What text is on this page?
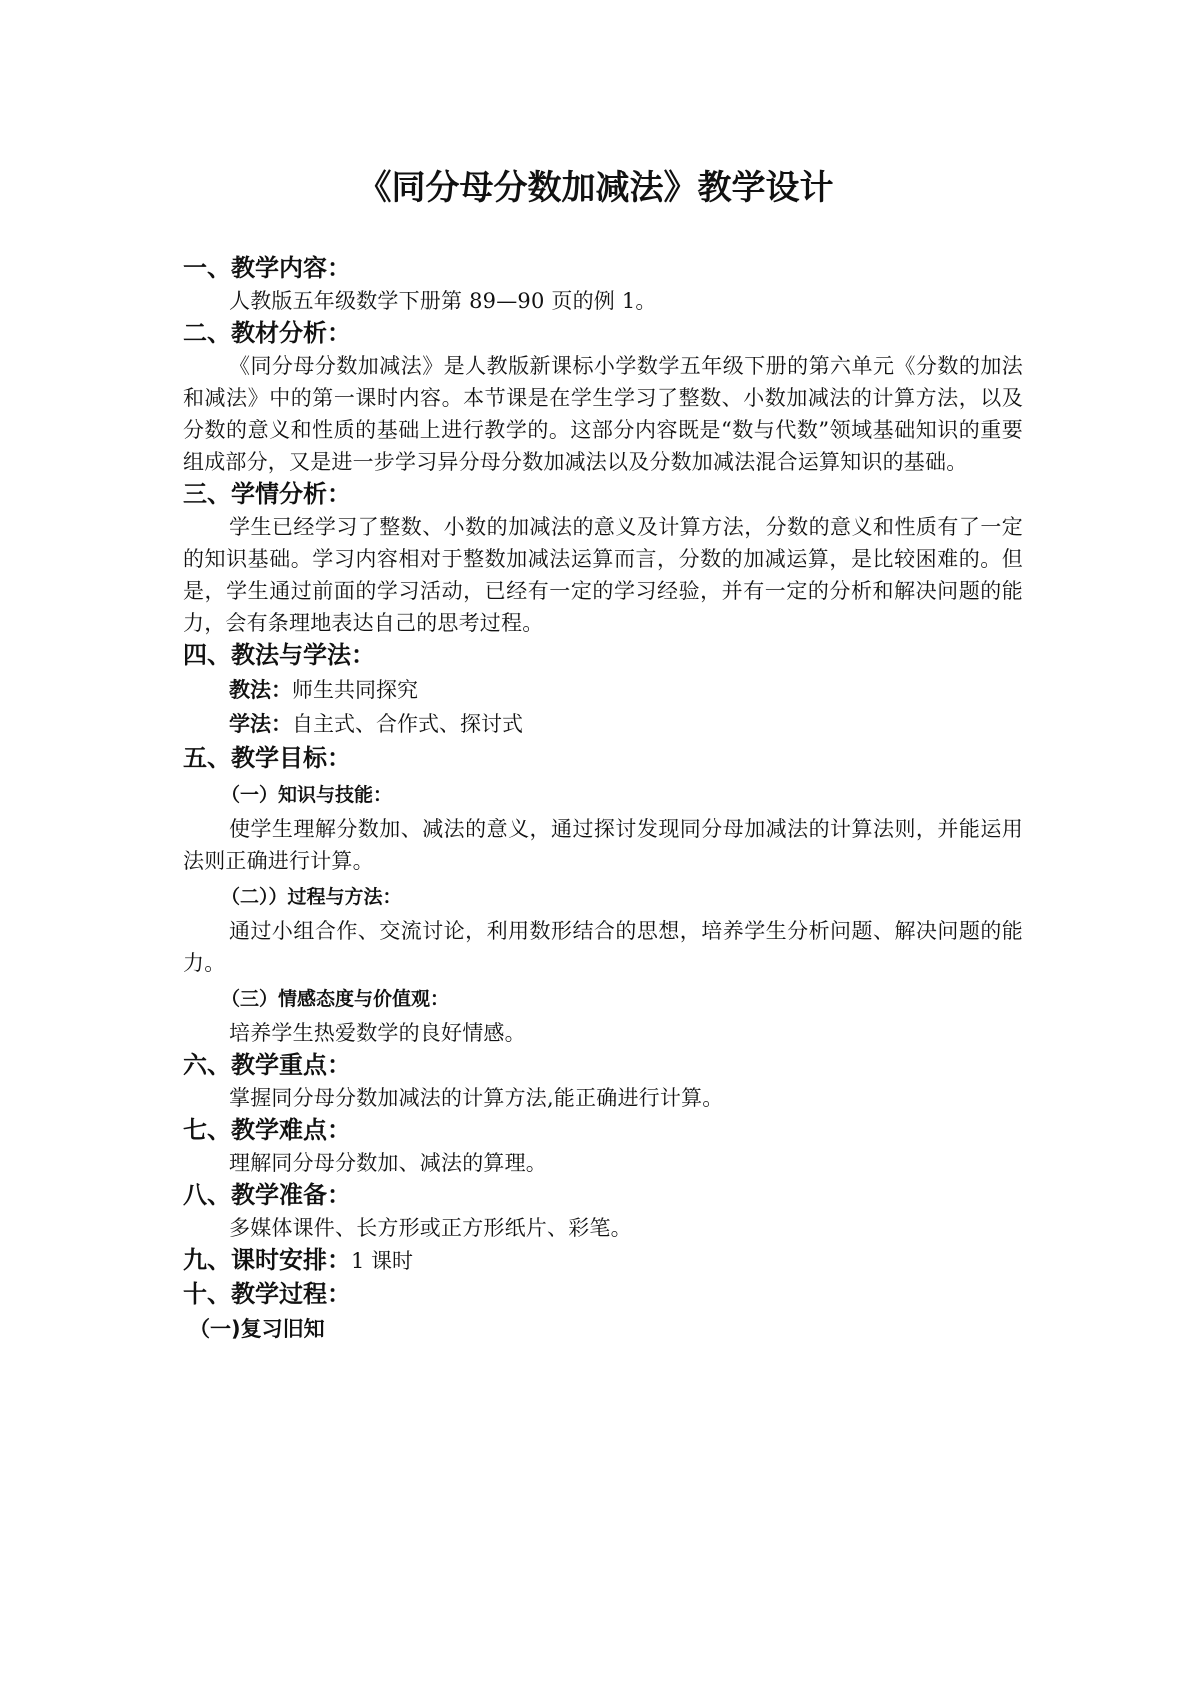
《同分母分数加减法》教学设计
一、教学内容：
人教版五年级数学下册第 89—90 页的例 1。
二、教材分析：
《同分母分数加减法》是人教版新课标小学数学五年级下册的第六单元《分数的加法和减法》中的第一课时内容。本节课是在学生学习了整数、小数加减法的计算方法，以及分数的意义和性质的基础上进行教学的。这部分内容既是“数与代数”领域基础知识的重要组成部分，又是进一步学习异分母分数加减法以及分数加减法混合运算知识的基础。
三、学情分析：
学生已经学习了整数、小数的加减法的意义及计算方法，分数的意义和性质有了一定的知识基础。学习内容相对于整数加减法运算而言，分数的加减运算，是比较困难的。但是，学生通过前面的学习活动，已经有一定的学习经验，并有一定的分析和解决问题的能力，会有条理地表达自己的思考过程。
四、教法与学法：
教法：师生共同探究
学法：自主式、合作式、探讨式
五、教学目标：
（一）知识与技能：
使学生理解分数加、减法的意义，通过探讨发现同分母加减法的计算法则，并能运用法则正确进行计算。
（二））过程与方法：
通过小组合作、交流讨论，利用数形结合的思想，培养学生分析问题、解决问题的能力。
（三）情感态度与价值观：
培养学生热爱数学的良好情感。
六、教学重点：
掌握同分母分数加减法的计算方法,能正确进行计算。
七、教学难点：
理解同分母分数加、减法的算理。
八、教学准备：
多媒体课件、长方形或正方形纸片、彩笔。
九、课时安排：1 课时
十、教学过程：
（一)复习旧知
